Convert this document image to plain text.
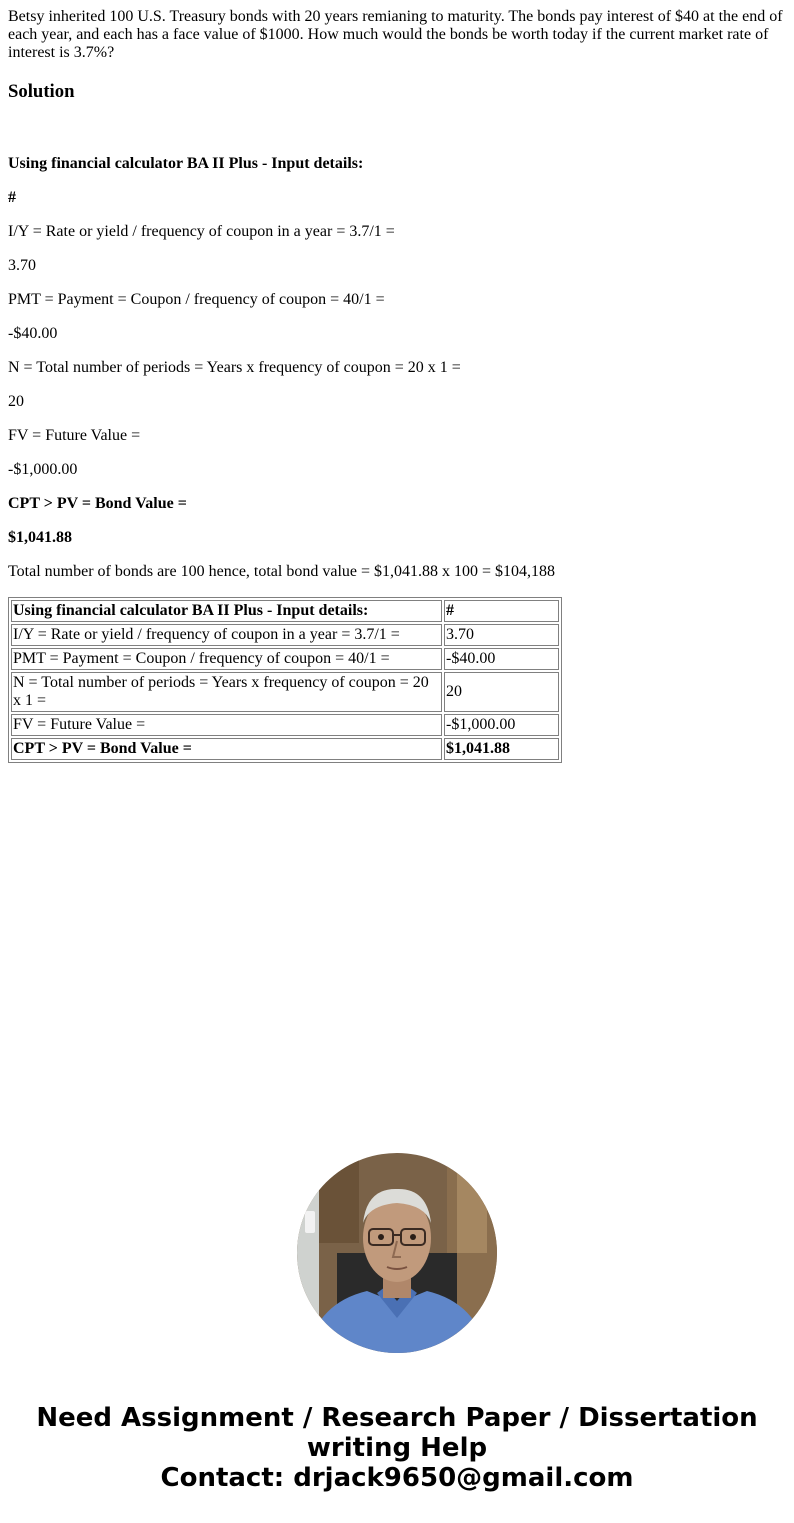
Betsy inherited 100 U.S. Treasury bonds with 20 years remianing to maturity. The bonds pay interest of $40 at the end of each year, and each has a face value of $1000. How much would the bonds be worth today if the current market rate of interest is 3.7%?

Solution

Using financial calculator BA II Plus - Input details:

#

I/Y = Rate or yield / frequency of coupon in a year = 3.7/1 =

3.70

PMT = Payment = Coupon / frequency of coupon = 40/1 =

-$40.00

N = Total number of periods = Years x frequency of coupon = 20 x 1 =

20

FV = Future Value =

-$1,000.00

CPT > PV = Bond Value =

$1,041.88

Total number of bonds are 100 hence, total bond value = $1,041.88 x 100 = $104,188

Using financial calculator BA II Plus - Input details:	#
I/Y = Rate or yield / frequency of coupon in a year = 3.7/1 =	3.70
PMT = Payment = Coupon / frequency of coupon = 40/1 =	-$40.00
N = Total number of periods = Years x frequency of coupon = 20 x 1 =	20
FV = Future Value =	-$1,000.00
CPT > PV = Bond Value =	$1,041.88
Need Assignment / Research Paper / Dissertation
writing Help
Contact: drjack9650@gmail.com
